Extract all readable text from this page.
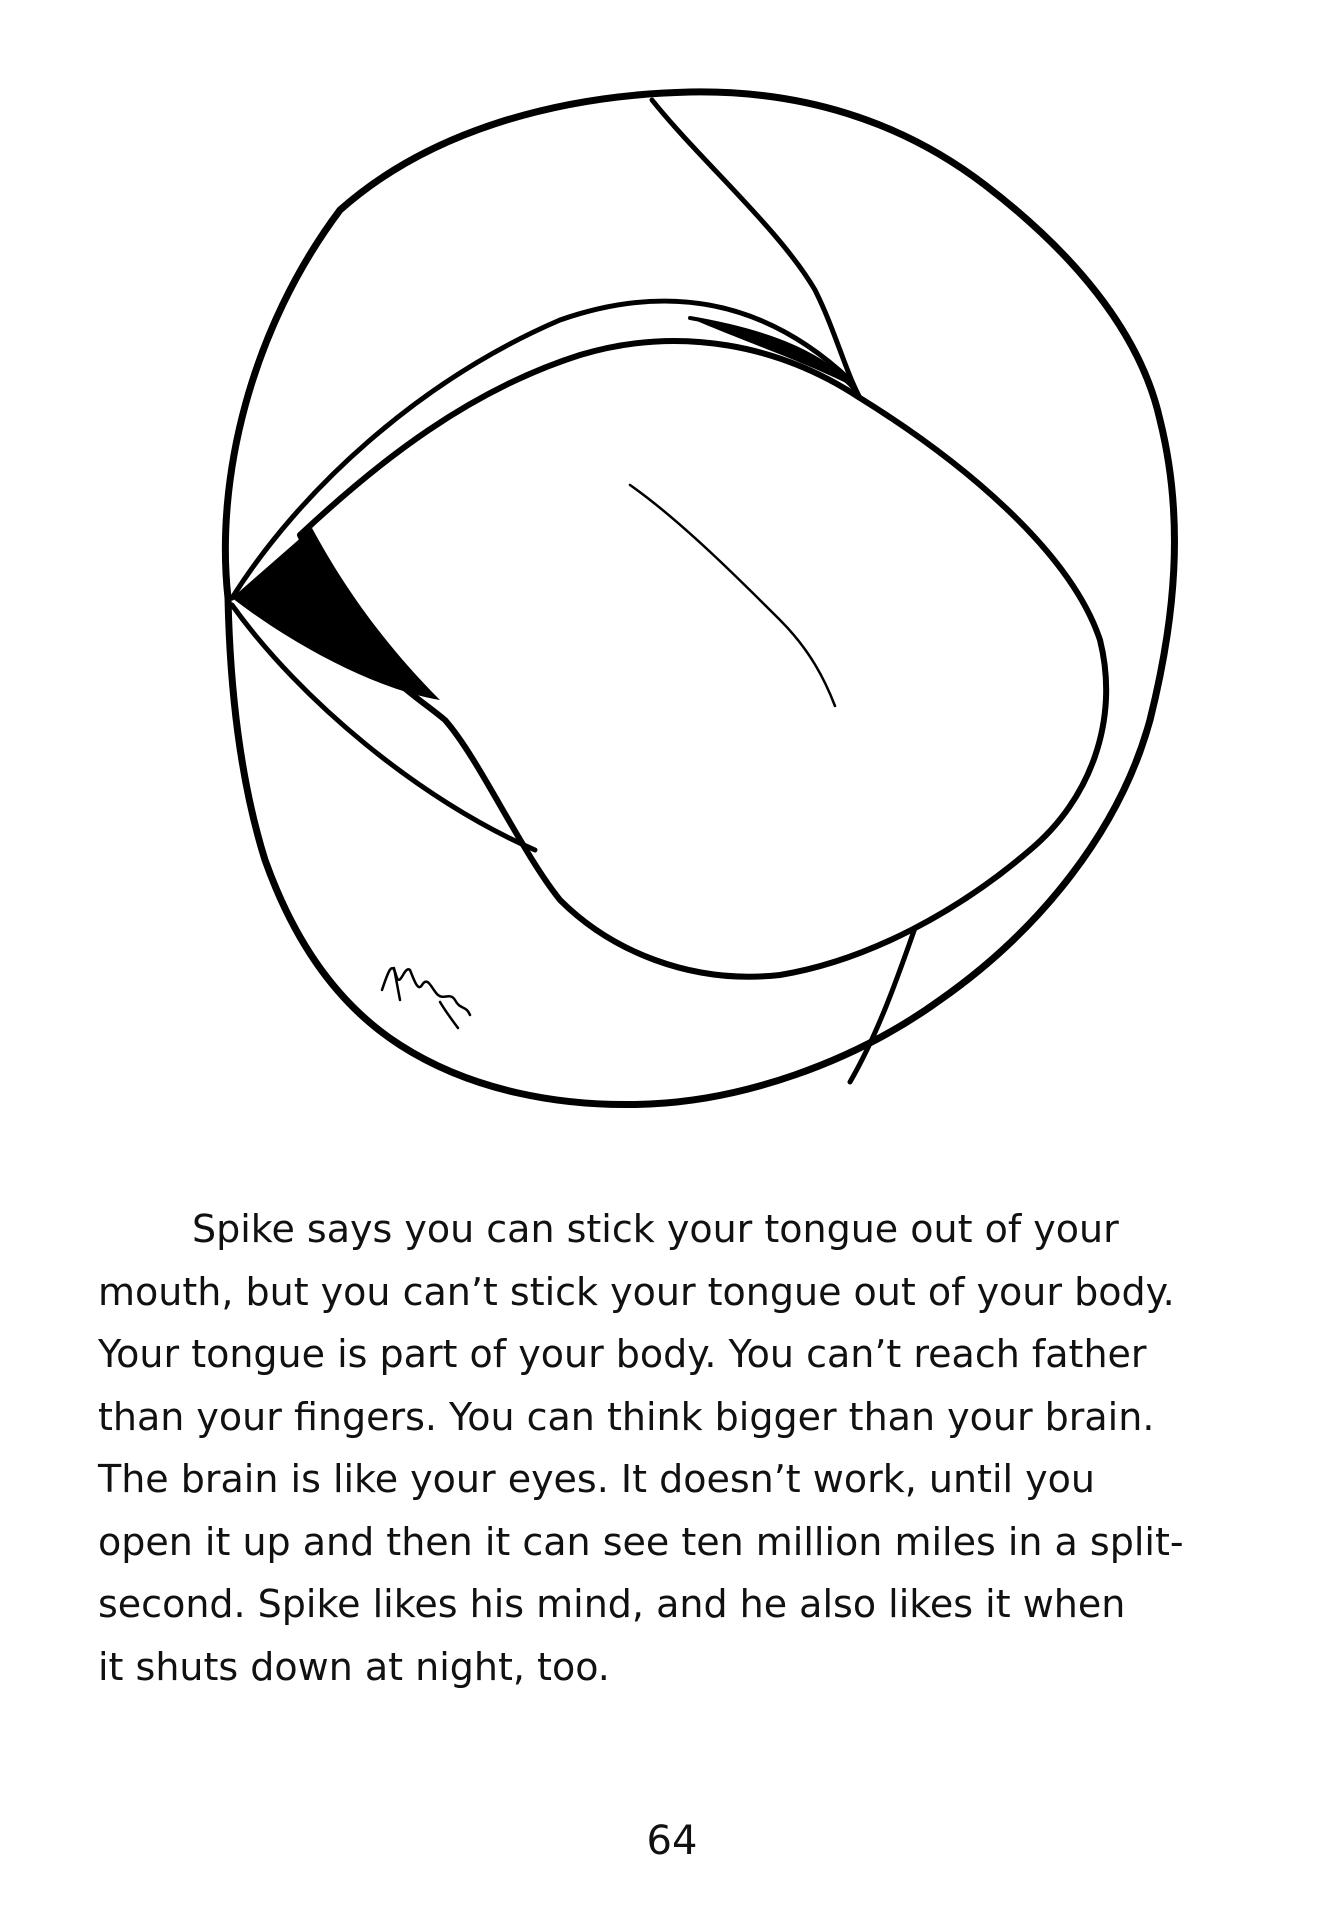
Spike says you can stick your tongue out of your
mouth, but you can’t stick your tongue out of your body.
Your tongue is part of your body. You can’t reach father
than your fingers. You can think bigger than your brain.
The brain is like your eyes. It doesn’t work, until you
open it up and then it can see ten million miles in a split-
second. Spike likes his mind, and he also likes it when
it shuts down at night, too.
64
